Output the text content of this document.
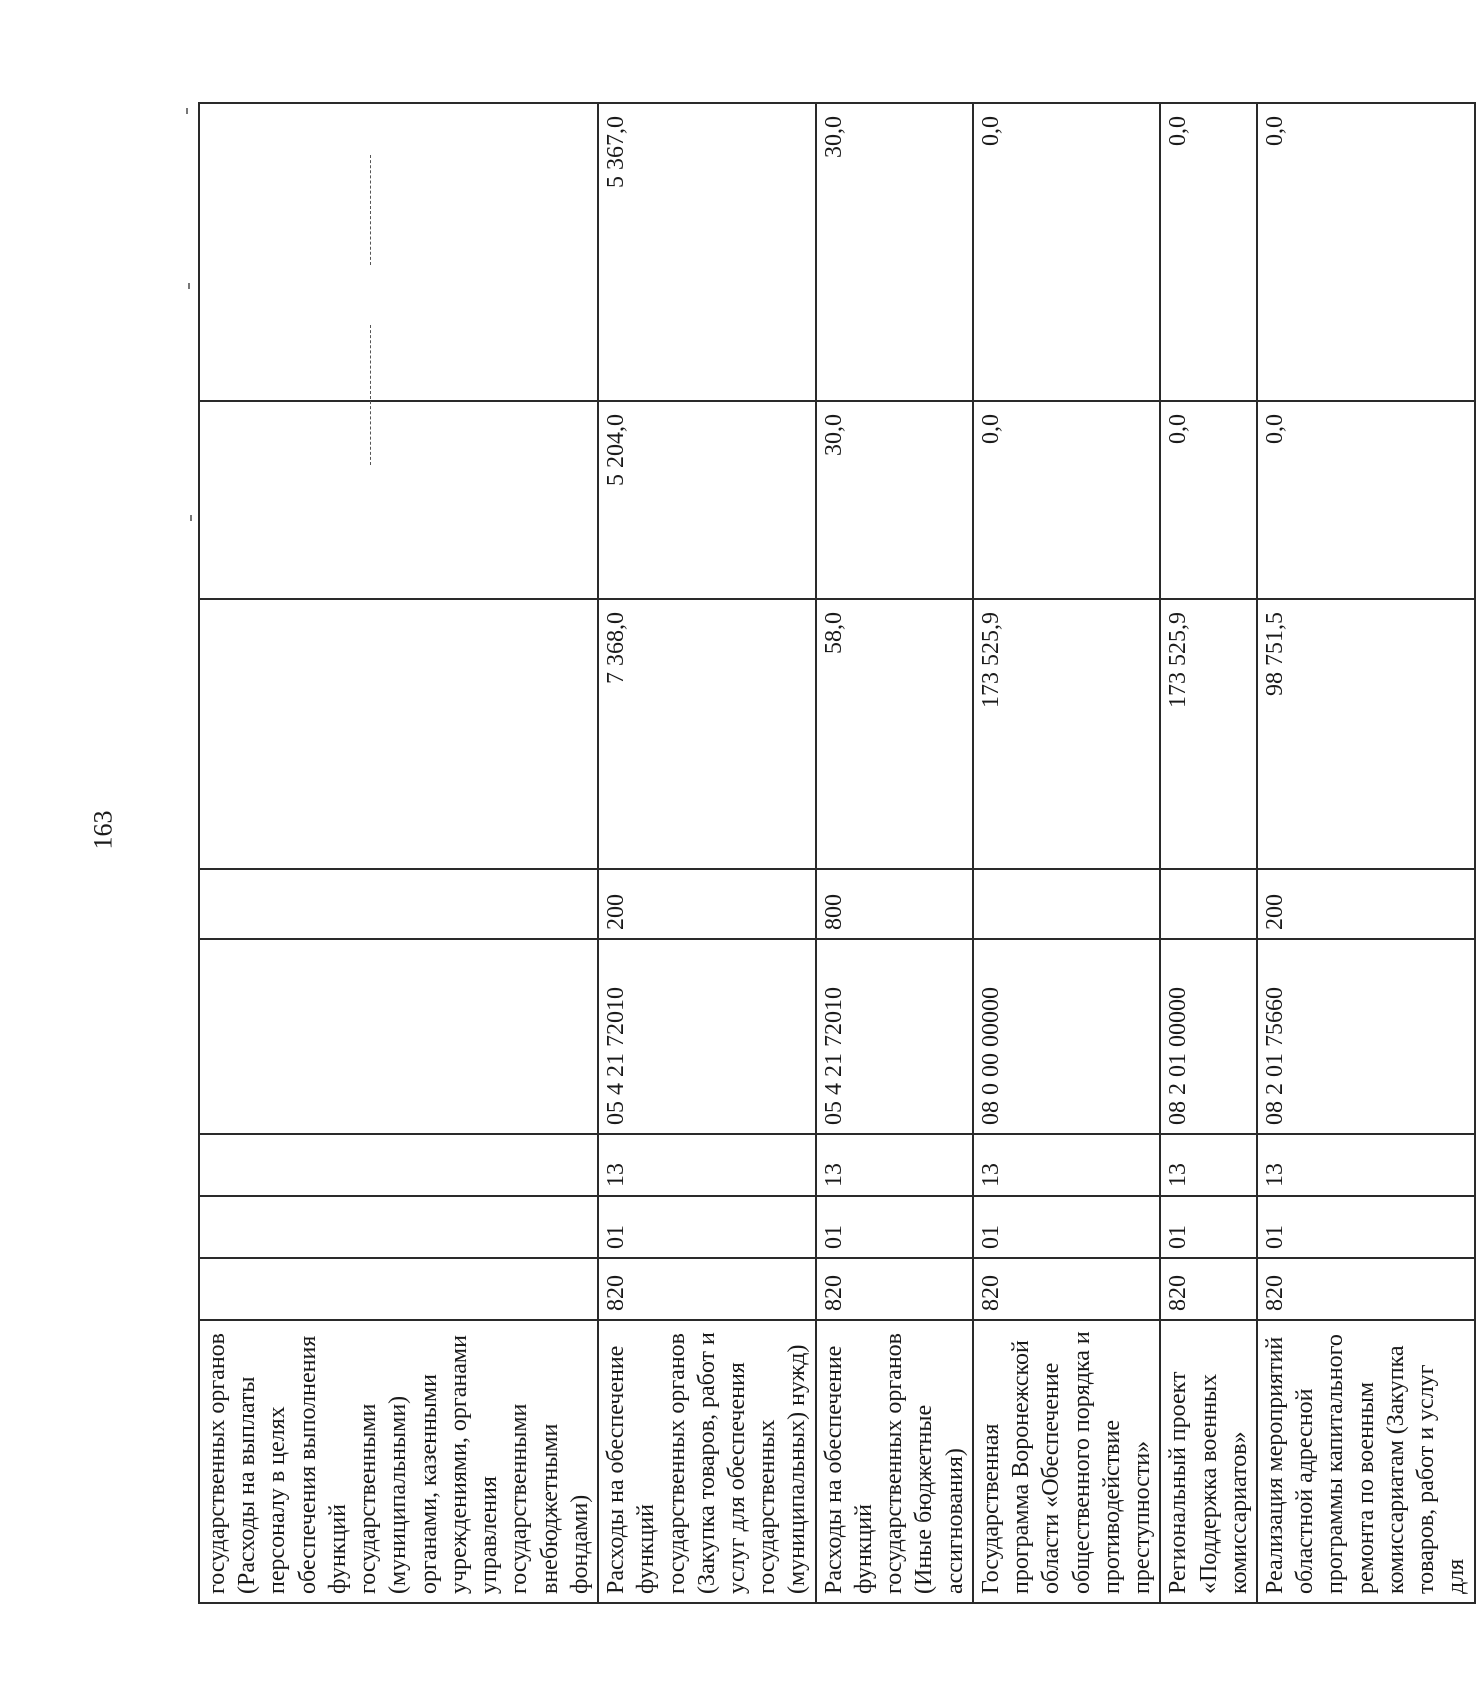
163
государственных органов (Расходы на выплаты персоналу в целях обеспечения выполнения функций государственными (муниципальными) органами, казенными учреждениями, органами управления государственными внебюджетными фондами)								
Расходы на обеспечение функций государственных органов (Закупка товаров, работ и услуг для обеспечения государственных (муниципальных) нужд)	820	01	13	05 4 21 72010	200	7 368,0	5 204,0	5 367,0
Расходы на обеспечение функций государственных органов (Иные бюджетные ассигнования)	820	01	13	05 4 21 72010	800	58,0	30,0	30,0
Государственная программа Воронежской области «Обеспечение общественного порядка и противодействие преступности»	820	01	13	08 0 00 00000		173 525,9	0,0	0,0
Региональный проект «Поддержка военных комиссариатов»	820	01	13	08 2 01 00000		173 525,9	0,0	0,0
Реализация мероприятий областной адресной программы капитального ремонта по военным комиссариатам (Закупка товаров, работ и услуг для	820	01	13	08 2 01 75660	200	98 751,5	0,0	0,0
